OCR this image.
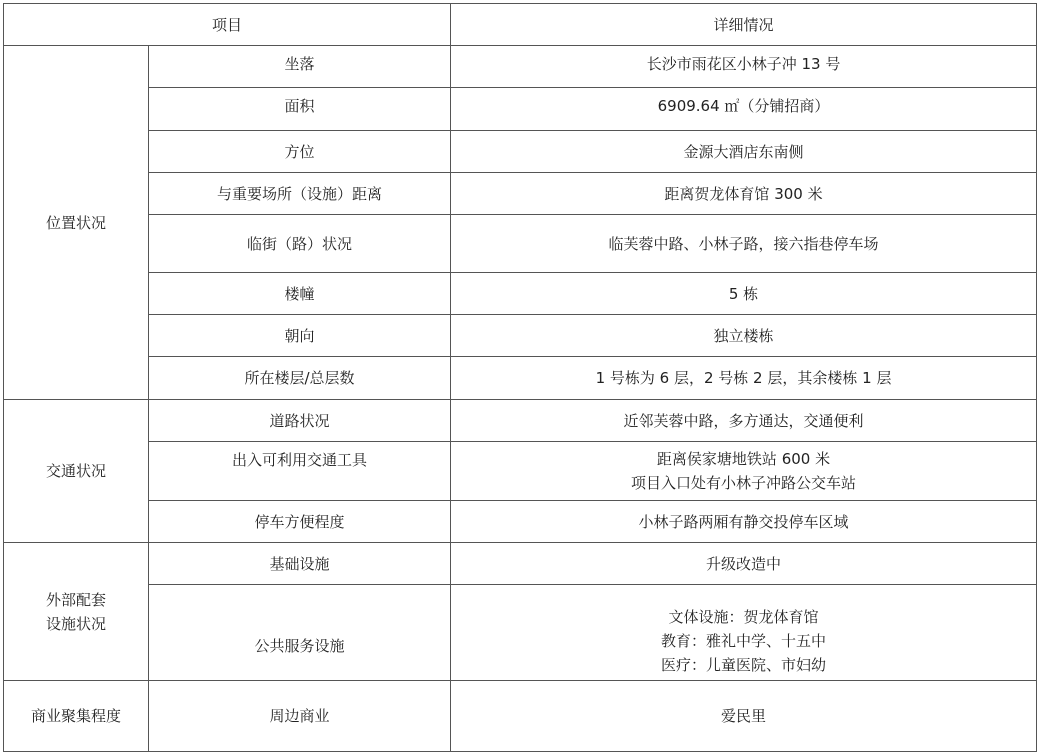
项目		详细情况
位置状况	坐落	长沙市雨花区小林子冲 13 号
	面积	6909.64 ㎡（分铺招商）
	方位	金源大酒店东南侧
	与重要场所（设施）距离	距离贺龙体育馆 300 米
	临街（路）状况	临芙蓉中路、小林子路，接六指巷停车场
	楼幢	5 栋
	朝向	独立楼栋
	所在楼层/总层数	1 号栋为 6 层，2 号栋 2 层，其余楼栋 1 层
交通状况	道路状况	近邻芙蓉中路，多方通达，交通便利
	出入可利用交通工具	距离侯家塘地铁站 600 米
项目入口处有小林子冲路公交车站

	停车方便程度	小林子路两厢有静交投停车区域

外部配套
设施状况	基础设施	升级改造中
	公共服务设施	文体设施：贺龙体育馆
教育：雅礼中学、十五中
医疗：儿童医院、市妇幼

商业聚集程度	周边商业	爱民里
